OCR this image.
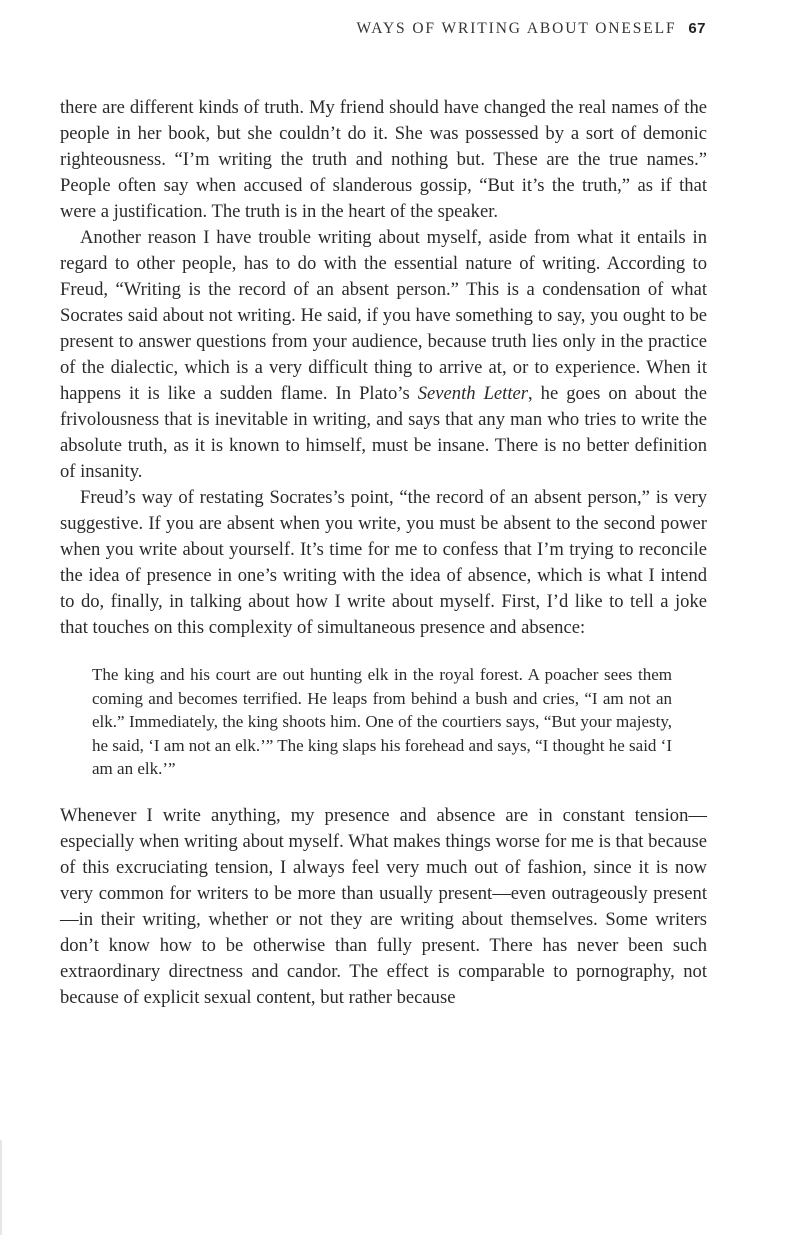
WAYS OF WRITING ABOUT ONESELF 67

there are different kinds of truth. My friend should have changed the real names of the people in her book, but she couldn’t do it. She was possessed by a sort of demonic righteousness. “I’m writing the truth and nothing but. These are the true names.” People often say when accused of slanderous gossip, “But it’s the truth,” as if that were a justification. The truth is in the heart of the speaker.

Another reason I have trouble writing about myself, aside from what it entails in regard to other people, has to do with the essential nature of writing. According to Freud, “Writing is the record of an absent person.” This is a condensation of what Socrates said about not writing. He said, if you have something to say, you ought to be present to answer questions from your audience, because truth lies only in the practice of the dialectic, which is a very difficult thing to arrive at, or to experience. When it happens it is like a sudden flame. In Plato’s Seventh Letter, he goes on about the frivolousness that is inevitable in writing, and says that any man who tries to write the absolute truth, as it is known to himself, must be insane. There is no better definition of insanity.

Freud’s way of restating Socrates’s point, “the record of an absent person,” is very suggestive. If you are absent when you write, you must be absent to the second power when you write about yourself. It’s time for me to confess that I’m trying to reconcile the idea of presence in one’s writing with the idea of absence, which is what I intend to do, finally, in talking about how I write about myself. First, I’d like to tell a joke that touches on this complexity of simultaneous presence and absence:

The king and his court are out hunting elk in the royal forest. A poacher sees them coming and becomes terrified. He leaps from behind a bush and cries, “I am not an elk.” Immediately, the king shoots him. One of the courtiers says, “But your majesty, he said, ‘I am not an elk.’” The king slaps his forehead and says, “I thought he said ‘I am an elk.’”

Whenever I write anything, my presence and absence are in constant tension—especially when writing about myself. What makes things worse for me is that because of this excruciating tension, I always feel very much out of fashion, since it is now very common for writers to be more than usually present—even outrageously present—in their writing, whether or not they are writing about themselves. Some writers don’t know how to be otherwise than fully present. There has never been such extraordinary directness and candor. The effect is comparable to pornography, not because of explicit sexual content, but rather because
